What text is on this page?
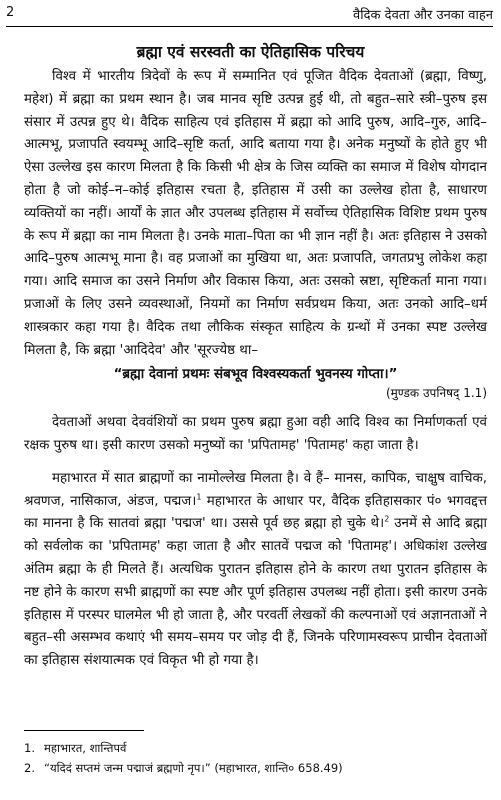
2	वैदिक देवता और उनका वाहन
ब्रह्मा एवं सरस्वती का ऐतिहासिक परिचय

विश्व में भारतीय त्रिदेवों के रूप में सम्मानित एवं पूजित वैदिक देवताओं (ब्रह्मा, विष्णु, महेश) में ब्रह्मा का प्रथम स्थान है। जब मानव सृष्टि उत्पन्न हुई थी, तो बहुत–सारे स्त्री–पुरुष इस संसार में उत्पन्न हुए थे। वैदिक साहित्य एवं इतिहास में ब्रह्मा को आदि पुरुष, आदि–गुरु, आदि–आत्मभू, प्रजापति स्वयम्भू आदि–सृष्टि कर्ता, आदि बताया गया है। अनेक मनुष्यों के होते हुए भी ऐसा उल्लेख इस कारण मिलता है कि किसी भी क्षेत्र के जिस व्यक्ति का समाज में विशेष योगदान होता है जो कोई–न–कोई इतिहास रचता है, इतिहास में उसी का उल्लेख होता है, साधारण व्यक्तियों का नहीं। आर्यों के ज्ञात और उपलब्ध इतिहास में सर्वोच्च ऐतिहासिक विशिष्ट प्रथम पुरुष के रूप में ब्रह्मा का नाम मिलता है। उनके माता–पिता का भी ज्ञान नहीं है। अतः इतिहास ने उसको आदि–पुरुष आत्मभू माना है। वह प्रजाओं का मुखिया था, अतः प्रजापति, जगतप्रभु लोकेश कहा गया। आदि समाज का उसने निर्माण और विकास किया, अतः उसको स्रष्टा, सृष्टिकर्ता माना गया। प्रजाओं के लिए उसने व्यवस्थाओं, नियमों का निर्माण सर्वप्रथम किया, अतः उनको आदि–धर्म शास्त्रकार कहा गया है। वैदिक तथा लौकिक संस्कृत साहित्य के ग्रन्थों में उनका स्पष्ट उल्लेख मिलता है, कि ब्रह्मा 'आदिदेव' और 'सूरज्येष्ठ था–

“ब्रह्मा देवानां प्रथमः संबभूव विश्वस्यकर्ता भुवनस्य गोप्ता।”

(मुण्डक उपनिषद् 1.1)

देवताओं अथवा देववंशियों का प्रथम पुरुष ब्रह्मा हुआ वही आदि विश्व का निर्माणकर्ता एवं रक्षक पुरुष था। इसी कारण उसको मनुष्यों का 'प्रपितामह' 'पितामह' कहा जाता है।

महाभारत में सात ब्राह्मणों का नामोल्लेख मिलता है। वे हैं– मानस, कापिक, चाक्षुष वाचिक, श्रवणज, नासिकाज, अंडज, पद्मज।$^1$ महाभारत के आधार पर, वैदिक इतिहासकार पं० भगवद्दत्त का मानना है कि सातवां ब्रह्मा 'पद्मज' था। उससे पूर्व छह ब्रह्मा हो चुके थे।$^2$ उनमें से आदि ब्रह्मा को सर्वलोक का 'प्रपितामह' कहा जाता है और सातवें पद्मज को 'पितामह'। अधिकांश उल्लेख अंतिम ब्रह्मा के ही मिलते हैं। अत्यधिक पुरातन इतिहास होने के कारण तथा पुरातन इतिहास के नष्ट होने के कारण सभी ब्राह्मणों का स्पष्ट और पूर्ण इतिहास उपलब्ध नहीं होता। इसी कारण उनके इतिहास में परस्पर घालमेल भी हो जाता है, और परवर्ती लेखकों की कल्पनाओं एवं अज्ञानताओं ने बहुत–सी असम्भव कथाएं भी समय–समय पर जोड़ दी हैं, जिनके परिणामस्वरूप प्राचीन देवताओं का इतिहास संशयात्मक एवं विकृत भी हो गया है।

1. महाभारत, शान्तिपर्व
2. “यदिदं सप्तमं जन्म पद्माजं ब्रह्मणो नृप।” (महाभारत, शान्ति० 658.49)
